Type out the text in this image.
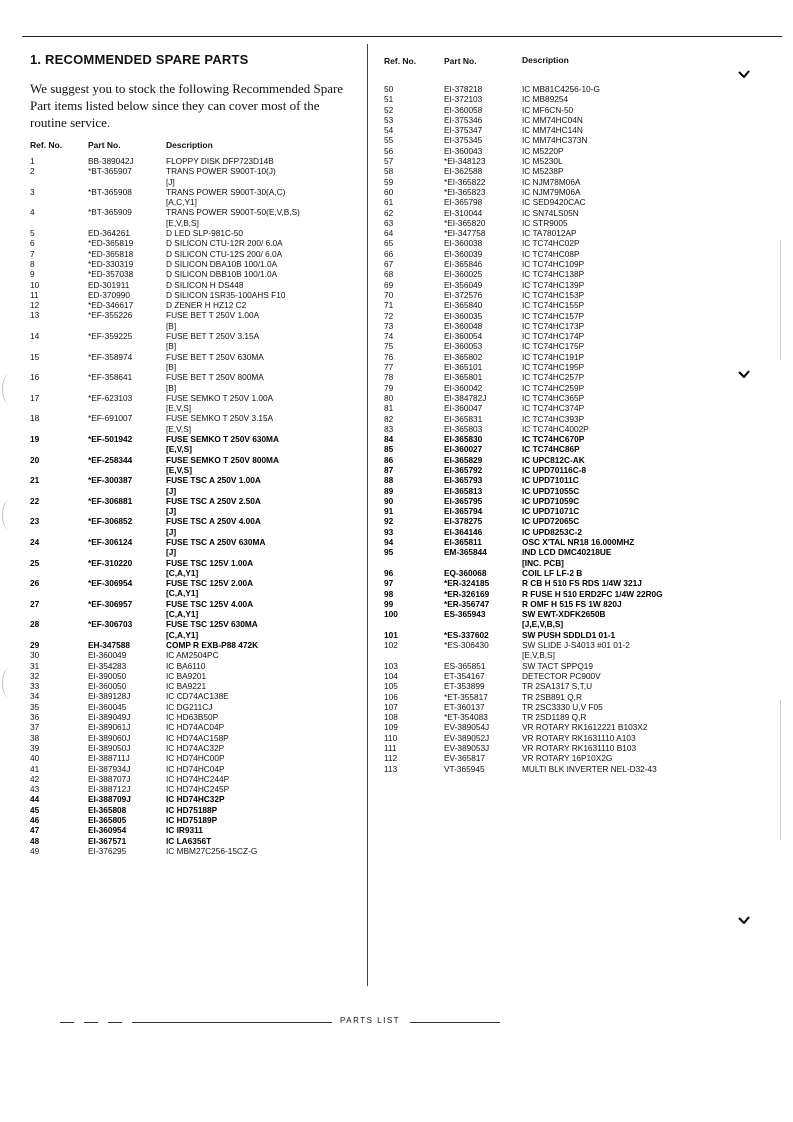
1. RECOMMENDED SPARE PARTS
We suggest you to stock the following Recommended Spare Part items listed below since they can cover most of the routine service.
Ref. No.	Part No.	Description
Ref. No.	Part No.	Description
1	BB-389042J	FLOPPY DISK DFP723D14B
2	*BT-365907	TRANS POWER S900T-10(J)
[J]
3	*BT-365908	TRANS POWER S900T-30(A,C)
[A,C,Y1]
4	*BT-365909	TRANS POWER S900T-50(E,V,B,S)
[E,V,B,S]
5	ED-364261	D LED SLP-981C-50
6	*ED-365819	D SILICON CTU-12R 200/ 6.0A
7	*ED-365818	D SILICON CTU-12S 200/ 6.0A
8	*ED-330319	D SILICON DBA10B 100/1.0A
9	*ED-357038	D SILICON DBB10B 100/1.0A
10	ED-301911	D SILICON H DS448
11	ED-370990	D SILICON 1SR35-100AHS F10
12	*ED-346617	D ZENER H HZ12 C2
13	*EF-355226	FUSE BET T 250V 1.00A
[B]
14	*EF-359225	FUSE BET T 250V 3.15A
[B]
15	*EF-358974	FUSE BET T 250V 630MA
[B]
16	*EF-358641	FUSE BET T 250V 800MA
[B]
17	*EF-623103	FUSE SEMKO T 250V 1.00A
[E,V,S]
18	*EF-691007	FUSE SEMKO T 250V 3.15A
[E,V,S]
19	*EF-501942	FUSE SEMKO T 250V 630MA
[E,V,S]
20	*EF-258344	FUSE SEMKO T 250V 800MA
[E,V,S]
21	*EF-300387	FUSE TSC A 250V 1.00A
[J]
22	*EF-306881	FUSE TSC A 250V 2.50A
[J]
23	*EF-306852	FUSE TSC A 250V 4.00A
[J]
24	*EF-306124	FUSE TSC A 250V 630MA
[J]
25	*EF-310220	FUSE TSC 125V 1.00A
[C,A,Y1]
26	*EF-306954	FUSE TSC 125V 2.00A
[C,A,Y1]
27	*EF-306957	FUSE TSC 125V 4.00A
[C,A,Y1]
28	*EF-306703	FUSE TSC 125V 630MA
[C,A,Y1]
29	EH-347588	COMP R EXB-P88 472K
30	EI-360049	IC AM2504PC
31	EI-354283	IC BA6110
32	EI-390050	IC BA9201
33	EI-360050	IC BA9221
34	EI-389128J	IC CD74AC138E
35	EI-360045	IC DG211CJ
36	EI-389049J	IC HD63B50P
37	EI-389061J	IC HD74AC04P
38	EI-389060J	IC HD74AC158P
39	EI-389050J	IC HD74AC32P
40	EI-388711J	IC HD74HC00P
41	EI-387934J	IC HD74HC04P
42	EI-388707J	IC HD74HC244P
43	EI-388712J	IC HD74HC245P
44	EI-388709J	IC HD74HC32P
45	EI-365808	IC HD75188P
46	EI-365805	IC HD75189P
47	EI-360954	IC IR9311
48	EI-367571	IC LA6356T
49	EI-376295	IC MBM27C256-15CZ-G
50	EI-378218	IC MB81C4256-10-G
51	EI-372103	IC MB89254
52	EI-360058	IC MF6CN-50
53	EI-375346	IC MM74HC04N
54	EI-375347	IC MM74HC14N
55	EI-375345	IC MM74HC373N
56	EI-360043	IC M5220P
57	*EI-348123	IC M5230L
58	EI-362588	IC M5238P
59	*EI-365822	IC NJM78M06A
60	*EI-365823	IC NJM79M06A
61	EI-365798	IC SED9420CAC
62	EI-310044	IC SN74LS05N
63	*EI-365820	IC STR9005
64	*EI-347758	IC TA78012AP
65	EI-360038	IC TC74HC02P
66	EI-360039	IC TC74HC08P
67	EI-365846	IC TC74HC109P
68	EI-360025	IC TC74HC138P
69	EI-356049	IC TC74HC139P
70	EI-372576	IC TC74HC153P
71	EI-365840	IC TC74HC155P
72	EI-360035	IC TC74HC157P
73	EI-360048	IC TC74HC173P
74	EI-360054	IC TC74HC174P
75	EI-360053	IC TC74HC175P
76	EI-365802	IC TC74HC191P
77	EI-365101	IC TC74HC195P
78	EI-365801	IC TC74HC257P
79	EI-360042	IC TC74HC259P
80	EI-384782J	IC TC74HC365P
81	EI-360047	IC TC74HC374P
82	EI-365831	IC TC74HC393P
83	EI-365803	IC TC74HC4002P
84	EI-365830	IC TC74HC670P
85	EI-360027	IC TC74HC86P
86	EI-365829	IC UPC812C-AK
87	EI-365792	IC UPD70116C-8
88	EI-365793	IC UPD71011C
89	EI-365813	IC UPD71055C
90	EI-365795	IC UPD71059C
91	EI-365794	IC UPD71071C
92	EI-378275	IC UPD72065C
93	EI-364146	IC UPD8253C-2
94	EI-365811	OSC X'TAL NR18 16.000MHZ
95	EM-365844	IND LCD DMC40218UE
[INC. PCB]
96	EQ-360068	COIL LF LF-2 B
97	*ER-324185	R CB H 510 FS RDS 1/4W 321J
98	*ER-326169	R FUSE H 510 ERD2FC 1/4W 22R0G
99	*ER-356747	R OMF H 515 FS 1W 820J
100	ES-365943	SW EWT-XDFK2650B
[J,E,V,B,S]
101	*ES-337602	SW PUSH SDDLD1 01-1
102	*ES-306430	SW SLIDE J-S4013 #01 01-2
[E,V,B,S]
103	ES-365851	SW TACT SPPQ19
104	ET-354167	DETECTOR PC900V
105	ET-353899	TR 2SA1317 S,T,U
106	*ET-355817	TR 2SB891 Q,R
107	ET-360137	TR 2SC3330 U,V F05
108	*ET-354083	TR 2SD1189 Q,R
109	EV-389054J	VR ROTARY RK1612221 B103X2
110	EV-389052J	VR ROTARY RK1631110 A103
111	EV-389053J	VR ROTARY RK1631110 B103
112	EV-365817	VR ROTARY 16P10X2G
113	VT-365945	MULTI BLK INVERTER NEL-D32-43
PARTS LIST
